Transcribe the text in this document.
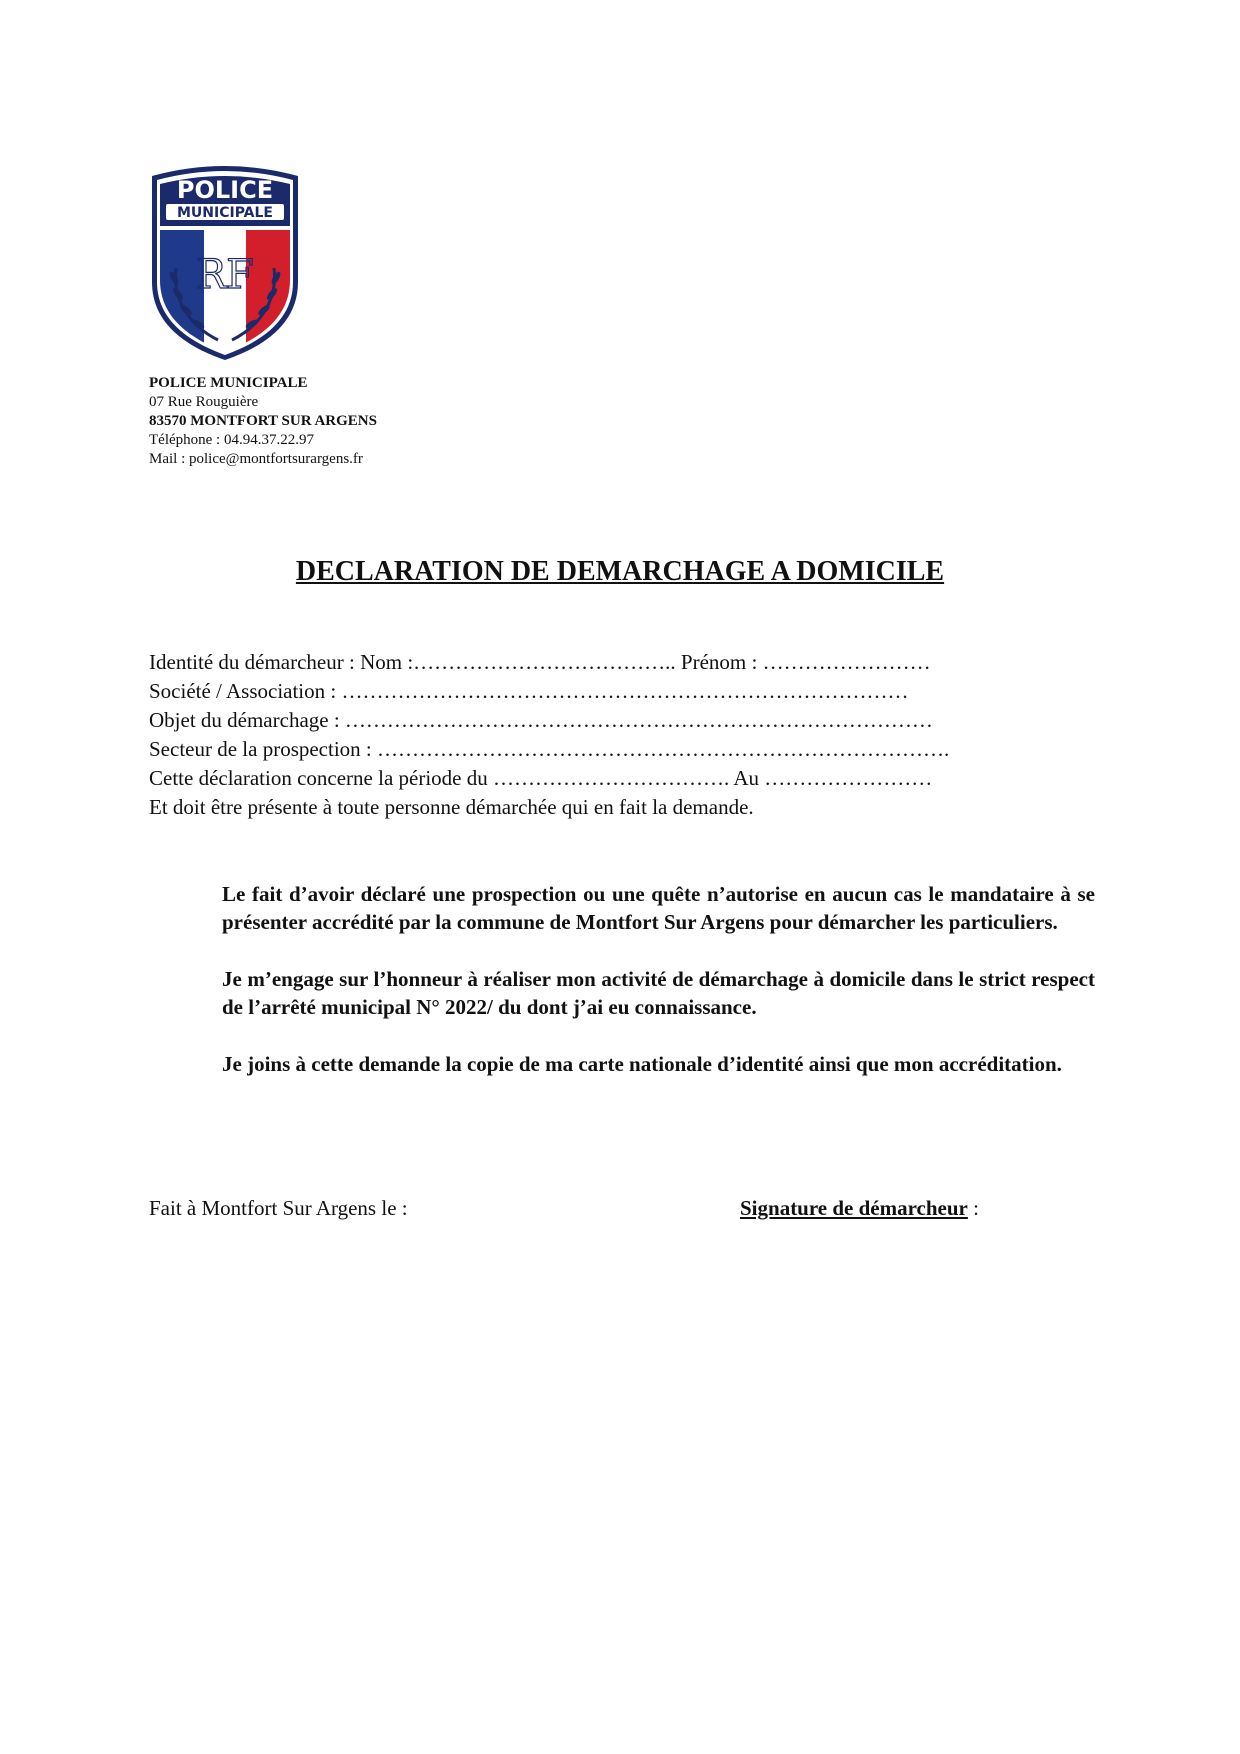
POLICE
MUNICIPALE
RF
POLICE MUNICIPALE
07 Rue Rouguière
83570 MONTFORT SUR ARGENS
Téléphone : 04.94.37.22.97
Mail : police@montfortsurargens.fr
DECLARATION DE DEMARCHAGE A DOMICILE
Identité du démarcheur : Nom :……………………………….. Prénom : ……………………
Société / Association : ………………………………………………………………………
Objet du démarchage : …………………………………………………………………………
Secteur de la prospection : ……………………………………………………………………….
Cette déclaration concerne la période du ……………………………. Au ……………………
Et doit être présente à toute personne démarchée qui en fait la demande.

Le fait d’avoir déclaré une prospection ou une quête n’autorise en aucun cas le mandataire à se présenter accrédité par la commune de Montfort Sur Argens pour démarcher les particuliers.

Je m’engage sur l’honneur à réaliser mon activité de démarchage à domicile dans le strict respect de l’arrêté municipal N° 2022/ du dont j’ai eu connaissance.

Je joins à cette demande la copie de ma carte nationale d’identité ainsi que mon accréditation.

Fait à Montfort Sur Argens le :	Signature de démarcheur :
